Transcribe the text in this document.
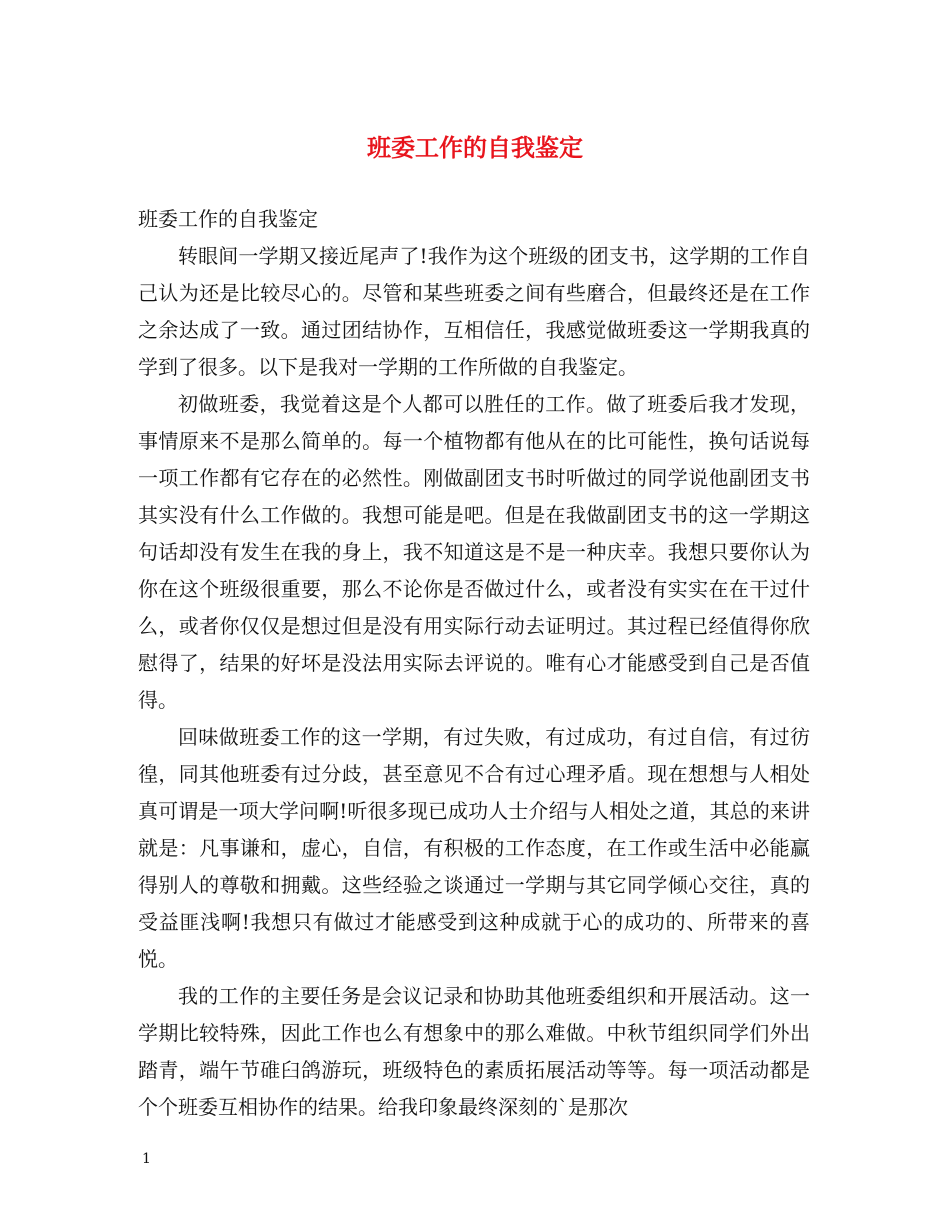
班委工作的自我鉴定

班委工作的自我鉴定

转眼间一学期又接近尾声了!我作为这个班级的团支书，这学期的工作自己认为还是比较尽心的。尽管和某些班委之间有些磨合，但最终还是在工作之余达成了一致。通过团结协作，互相信任，我感觉做班委这一学期我真的学到了很多。以下是我对一学期的工作所做的自我鉴定。

初做班委，我觉着这是个人都可以胜任的工作。做了班委后我才发现，事情原来不是那么简单的。每一个植物都有他从在的比可能性，换句话说每一项工作都有它存在的必然性。刚做副团支书时听做过的同学说他副团支书其实没有什么工作做的。我想可能是吧。但是在我做副团支书的这一学期这句话却没有发生在我的身上，我不知道这是不是一种庆幸。我想只要你认为你在这个班级很重要，那么不论你是否做过什么，或者没有实实在在干过什么，或者你仅仅是想过但是没有用实际行动去证明过。其过程已经值得你欣慰得了，结果的好坏是没法用实际去评说的。唯有心才能感受到自己是否值得。

回味做班委工作的这一学期，有过失败，有过成功，有过自信，有过彷徨，同其他班委有过分歧，甚至意见不合有过心理矛盾。现在想想与人相处真可谓是一项大学问啊!听很多现已成功人士介绍与人相处之道，其总的来讲就是：凡事谦和，虚心，自信，有积极的工作态度，在工作或生活中必能赢得别人的尊敬和拥戴。这些经验之谈通过一学期与其它同学倾心交往，真的受益匪浅啊!我想只有做过才能感受到这种成就于心的成功的、所带来的喜悦。

我的工作的主要任务是会议记录和协助其他班委组织和开展活动。这一学期比较特殊，因此工作也么有想象中的那么难做。中秋节组织同学们外出踏青，端午节碓臼鸽游玩，班级特色的素质拓展活动等等。每一项活动都是个个班委互相协作的结果。给我印象最终深刻的`是那次

1
